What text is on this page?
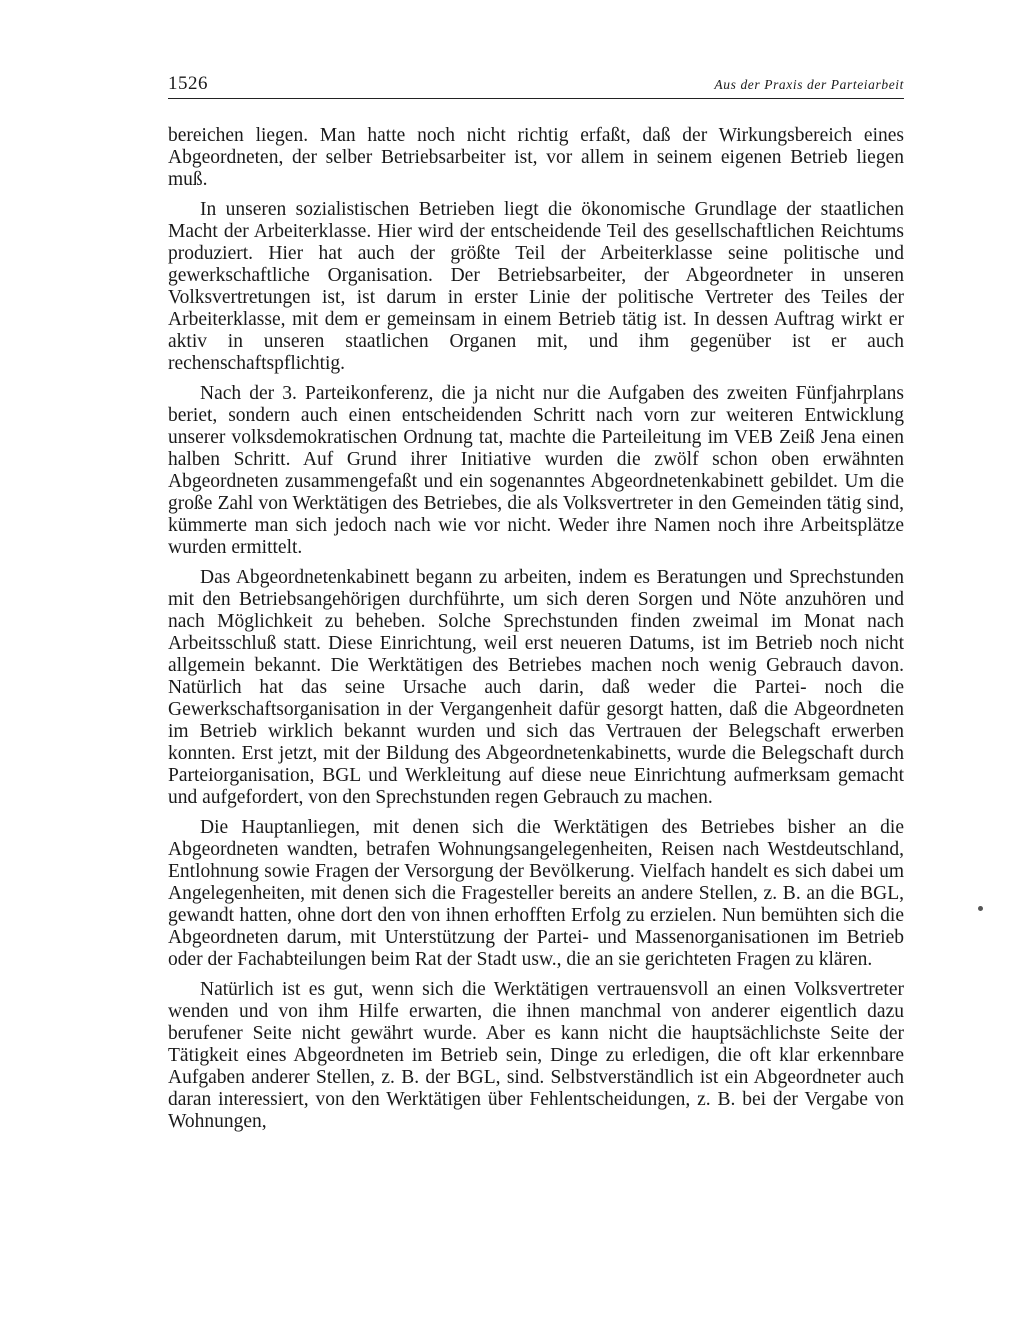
1526	Aus der Praxis der Parteiarbeit

bereichen liegen. Man hatte noch nicht richtig erfaßt, daß der Wirkungsbereich eines Abgeordneten, der selber Betriebsarbeiter ist, vor allem in seinem eigenen Betrieb liegen muß.

In unseren sozialistischen Betrieben liegt die ökonomische Grundlage der staatlichen Macht der Arbeiterklasse. Hier wird der entscheidende Teil des gesellschaftlichen Reichtums produziert. Hier hat auch der größte Teil der Arbeiterklasse seine politische und gewerkschaftliche Organisation. Der Betriebsarbeiter, der Abgeordneter in unseren Volksvertretungen ist, ist darum in erster Linie der politische Vertreter des Teiles der Arbeiterklasse, mit dem er gemeinsam in einem Betrieb tätig ist. In dessen Auftrag wirkt er aktiv in unseren staatlichen Organen mit, und ihm gegenüber ist er auch rechenschaftspflichtig.

Nach der 3. Parteikonferenz, die ja nicht nur die Aufgaben des zweiten Fünfjahrplans beriet, sondern auch einen entscheidenden Schritt nach vorn zur weiteren Entwicklung unserer volksdemokratischen Ordnung tat, machte die Parteileitung im VEB Zeiß Jena einen halben Schritt. Auf Grund ihrer Initiative wurden die zwölf schon oben erwähnten Abgeordneten zusammengefaßt und ein sogenanntes Abgeordnetenkabinett gebildet. Um die große Zahl von Werktätigen des Betriebes, die als Volksvertreter in den Gemeinden tätig sind, kümmerte man sich jedoch nach wie vor nicht. Weder ihre Namen noch ihre Arbeitsplätze wurden ermittelt.

Das Abgeordnetenkabinett begann zu arbeiten, indem es Beratungen und Sprechstunden mit den Betriebsangehörigen durchführte, um sich deren Sorgen und Nöte anzuhören und nach Möglichkeit zu beheben. Solche Sprechstunden finden zweimal im Monat nach Arbeitsschluß statt. Diese Einrichtung, weil erst neueren Datums, ist im Betrieb noch nicht allgemein bekannt. Die Werktätigen des Betriebes machen noch wenig Gebrauch davon. Natürlich hat das seine Ursache auch darin, daß weder die Partei- noch die Gewerkschaftsorganisation in der Vergangenheit dafür gesorgt hatten, daß die Abgeordneten im Betrieb wirklich bekannt wurden und sich das Vertrauen der Belegschaft erwerben konnten. Erst jetzt, mit der Bildung des Abgeordnetenkabinetts, wurde die Belegschaft durch Parteiorganisation, BGL und Werkleitung auf diese neue Einrichtung aufmerksam gemacht und aufgefordert, von den Sprechstunden regen Gebrauch zu machen.

Die Hauptanliegen, mit denen sich die Werktätigen des Betriebes bisher an die Abgeordneten wandten, betrafen Wohnungsangelegenheiten, Reisen nach Westdeutschland, Entlohnung sowie Fragen der Versorgung der Bevölkerung. Vielfach handelt es sich dabei um Angelegenheiten, mit denen sich die Fragesteller bereits an andere Stellen, z. B. an die BGL, gewandt hatten, ohne dort den von ihnen erhofften Erfolg zu erzielen. Nun bemühten sich die Abgeordneten darum, mit Unterstützung der Partei- und Massenorganisationen im Betrieb oder der Fachabteilungen beim Rat der Stadt usw., die an sie gerichteten Fragen zu klären.

Natürlich ist es gut, wenn sich die Werktätigen vertrauensvoll an einen Volksvertreter wenden und von ihm Hilfe erwarten, die ihnen manchmal von anderer eigentlich dazu berufener Seite nicht gewährt wurde. Aber es kann nicht die hauptsächlichste Seite der Tätigkeit eines Abgeordneten im Betrieb sein, Dinge zu erledigen, die oft klar erkennbare Aufgaben anderer Stellen, z. B. der BGL, sind. Selbstverständlich ist ein Abgeordneter auch daran interessiert, von den Werktätigen über Fehlentscheidungen, z. B. bei der Vergabe von Wohnungen,
